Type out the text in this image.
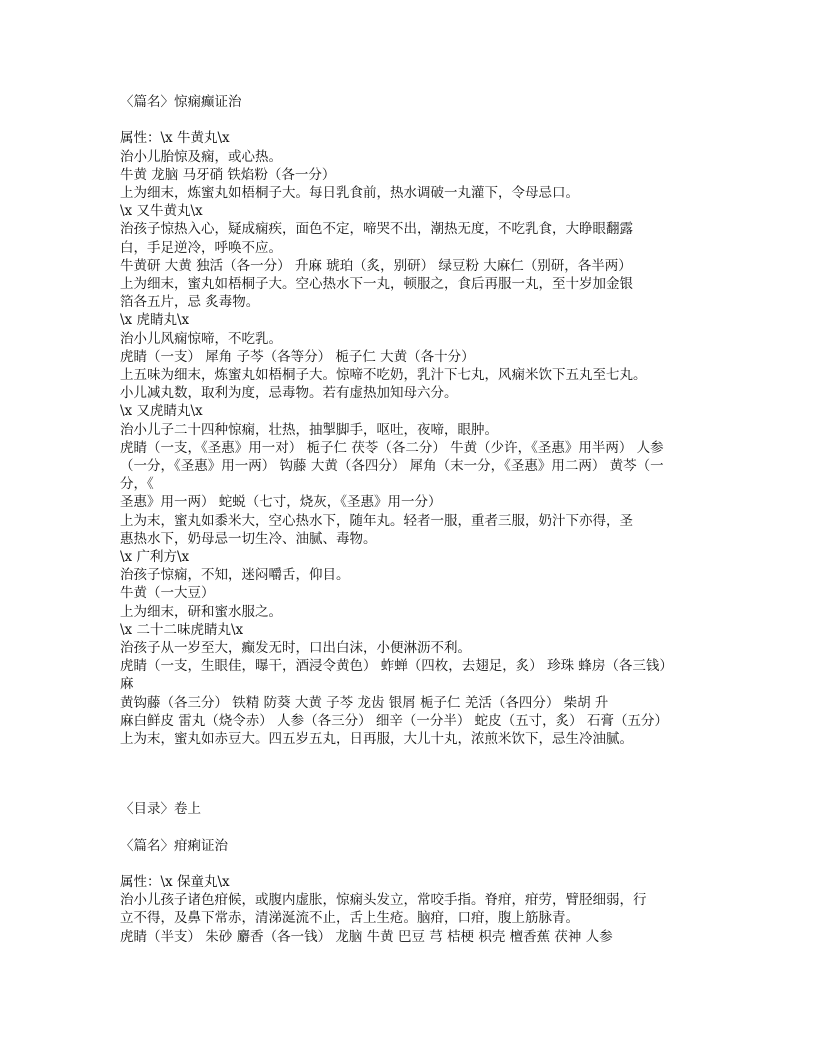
〈篇名〉惊痫癫证治
属性：\x 牛黄丸\x
治小儿胎惊及痫，或心热。
牛黄 龙脑 马牙硝 铁焰粉（各一分）
上为细末，炼蜜丸如梧桐子大。每日乳食前，热水调破一丸灌下，令母忌口。
\x 又牛黄丸\x
治孩子惊热入心，疑成痫疾，面色不定，啼哭不出，潮热无度，不吃乳食，大睁眼翻露
白，手足逆冷，呼唤不应。
牛黄研 大黄 独活（各一分） 升麻 琥珀（炙，别研） 绿豆粉 大麻仁（别研，各半两）
上为细末，蜜丸如梧桐子大。空心热水下一丸，顿服之，食后再服一丸，至十岁加金银
箔各五片，忌 炙毒物。
\x 虎睛丸\x
治小儿风痫惊啼，不吃乳。
虎睛（一支） 犀角 子芩（各等分） 栀子仁 大黄（各十分）
上五味为细末，炼蜜丸如梧桐子大。惊啼不吃奶，乳汁下七丸，风痫米饮下五丸至七丸。
小儿减丸数，取利为度，忌毒物。若有虚热加知母六分。
\x 又虎睛丸\x
治小儿子二十四种惊痫，壮热，抽掣脚手，呕吐，夜啼，眼肿。
虎睛（一支，《圣惠》用一对） 栀子仁 茯苓（各二分） 牛黄（少许，《圣惠》用半两） 人参
（一分，《圣惠》用一两） 钩藤 大黄（各四分） 犀角（末一分，《圣惠》用二两） 黄芩（一
分，《
圣惠》用一两） 蛇蜕（七寸，烧灰，《圣惠》用一分）
上为末，蜜丸如黍米大，空心热水下，随年丸。轻者一服，重者三服，奶汁下亦得，圣
惠热水下，奶母忌一切生冷、油腻、毒物。
\x 广利方\x
治孩子惊痫，不知，迷闷嚼舌，仰目。
牛黄（一大豆）
上为细末，研和蜜水服之。
\x 二十二味虎睛丸\x
治孩子从一岁至大，癫发无时，口出白沫，小便淋沥不利。
虎睛（一支，生眼佳，曝干，酒浸令黄色） 蚱蝉（四枚，去翅足，炙） 珍珠 蜂房（各三钱）
麻
黄钩藤（各三分） 铁精 防葵 大黄 子芩 龙齿 银屑 栀子仁 羌活（各四分） 柴胡 升
麻白鲜皮 雷丸（烧令赤） 人参（各三分） 细辛（一分半） 蛇皮（五寸，炙） 石膏（五分）
上为末，蜜丸如赤豆大。四五岁五丸，日再服，大儿十丸，浓煎米饮下，忌生冷油腻。
〈目录〉卷上
〈篇名〉疳痢证治
属性：\x 保童丸\x
治小儿孩子诸色疳候，或腹内虚胀，惊痫头发立，常咬手指。脊疳，疳劳，臂胫细弱，行
立不得，及鼻下常赤，清涕涎流不止，舌上生疮。脑疳，口疳，腹上筋脉青。
虎睛（半支） 朱砂 麝香（各一钱） 龙脑 牛黄 巴豆 芎 桔梗 枳壳 檀香蕉 茯神 人参
